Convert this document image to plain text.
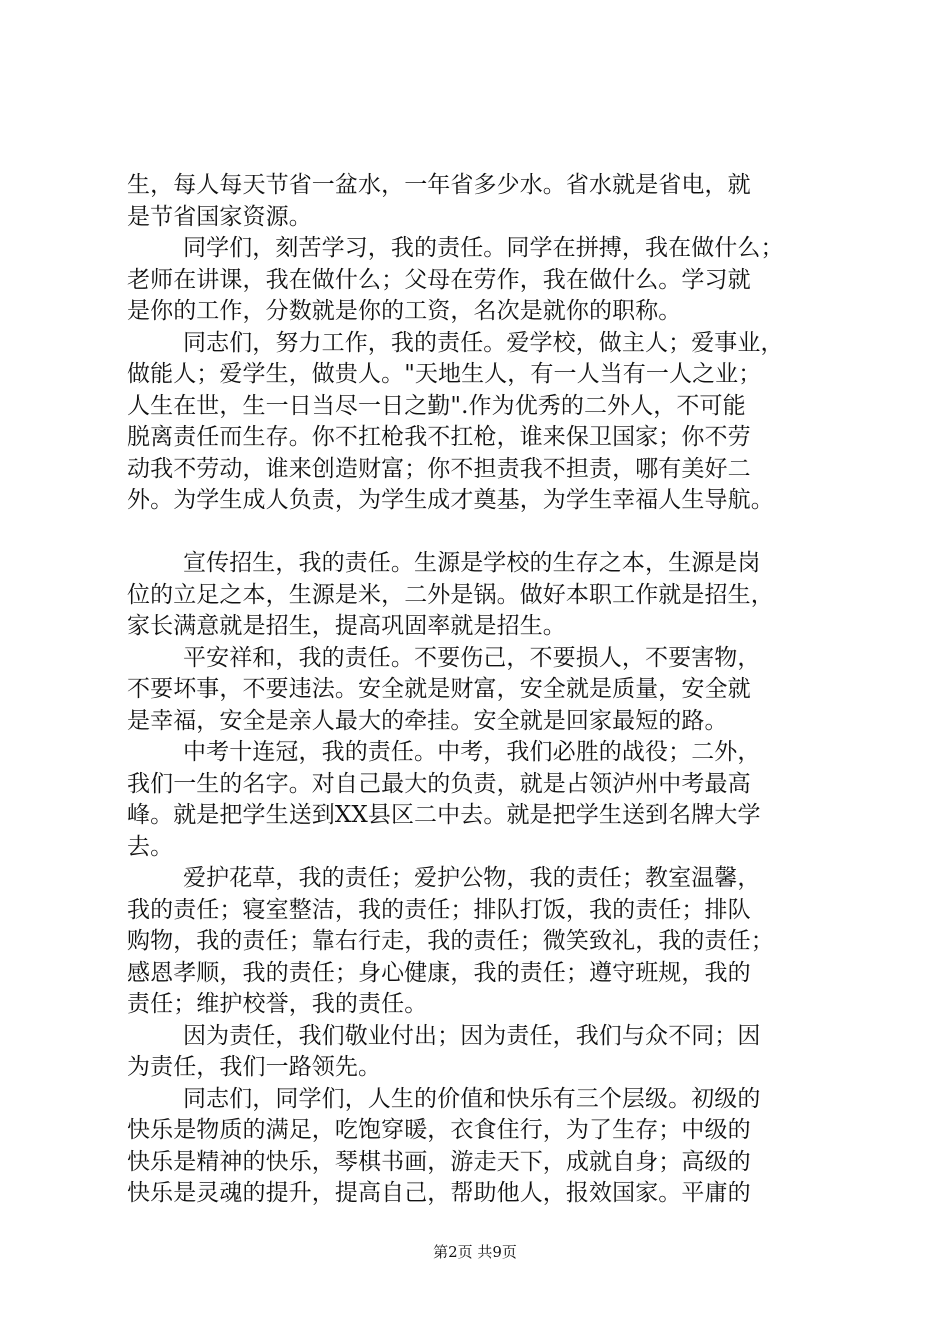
生，每人每天节省一盆水，一年省多少水。省水就是省电，就
是节省国家资源。
同学们，刻苦学习，我的责任。同学在拼搏，我在做什么；
老师在讲课，我在做什么；父母在劳作，我在做什么。学习就
是你的工作，分数就是你的工资，名次是就你的职称。
同志们，努力工作，我的责任。爱学校，做主人；爱事业，
做能人；爱学生，做贵人。"天地生人，有一人当有一人之业；
人生在世，生一日当尽一日之勤".作为优秀的二外人，不可能
脱离责任而生存。你不扛枪我不扛枪，谁来保卫国家；你不劳
动我不劳动，谁来创造财富；你不担责我不担责，哪有美好二
外。为学生成人负责，为学生成才奠基，为学生幸福人生导航。
宣传招生，我的责任。生源是学校的生存之本，生源是岗
位的立足之本，生源是米，二外是锅。做好本职工作就是招生，
家长满意就是招生，提高巩固率就是招生。
平安祥和，我的责任。不要伤己，不要损人，不要害物，
不要坏事，不要违法。安全就是财富，安全就是质量，安全就
是幸福，安全是亲人最大的牵挂。安全就是回家最短的路。
中考十连冠，我的责任。中考，我们必胜的战役；二外，
我们一生的名字。对自己最大的负责，就是占领泸州中考最高
峰。就是把学生送到XX县区二中去。就是把学生送到名牌大学
去。
爱护花草，我的责任；爱护公物，我的责任；教室温馨，
我的责任；寝室整洁，我的责任；排队打饭，我的责任；排队
购物，我的责任；靠右行走，我的责任；微笑致礼，我的责任；
感恩孝顺，我的责任；身心健康，我的责任；遵守班规，我的
责任；维护校誉，我的责任。
因为责任，我们敬业付出；因为责任，我们与众不同；因
为责任，我们一路领先。
同志们，同学们，人生的价值和快乐有三个层级。初级的
快乐是物质的满足，吃饱穿暖，衣食住行，为了生存；中级的
快乐是精神的快乐，琴棋书画，游走天下，成就自身；高级的
快乐是灵魂的提升，提高自己，帮助他人，报效国家。平庸的
第2页 共9页
